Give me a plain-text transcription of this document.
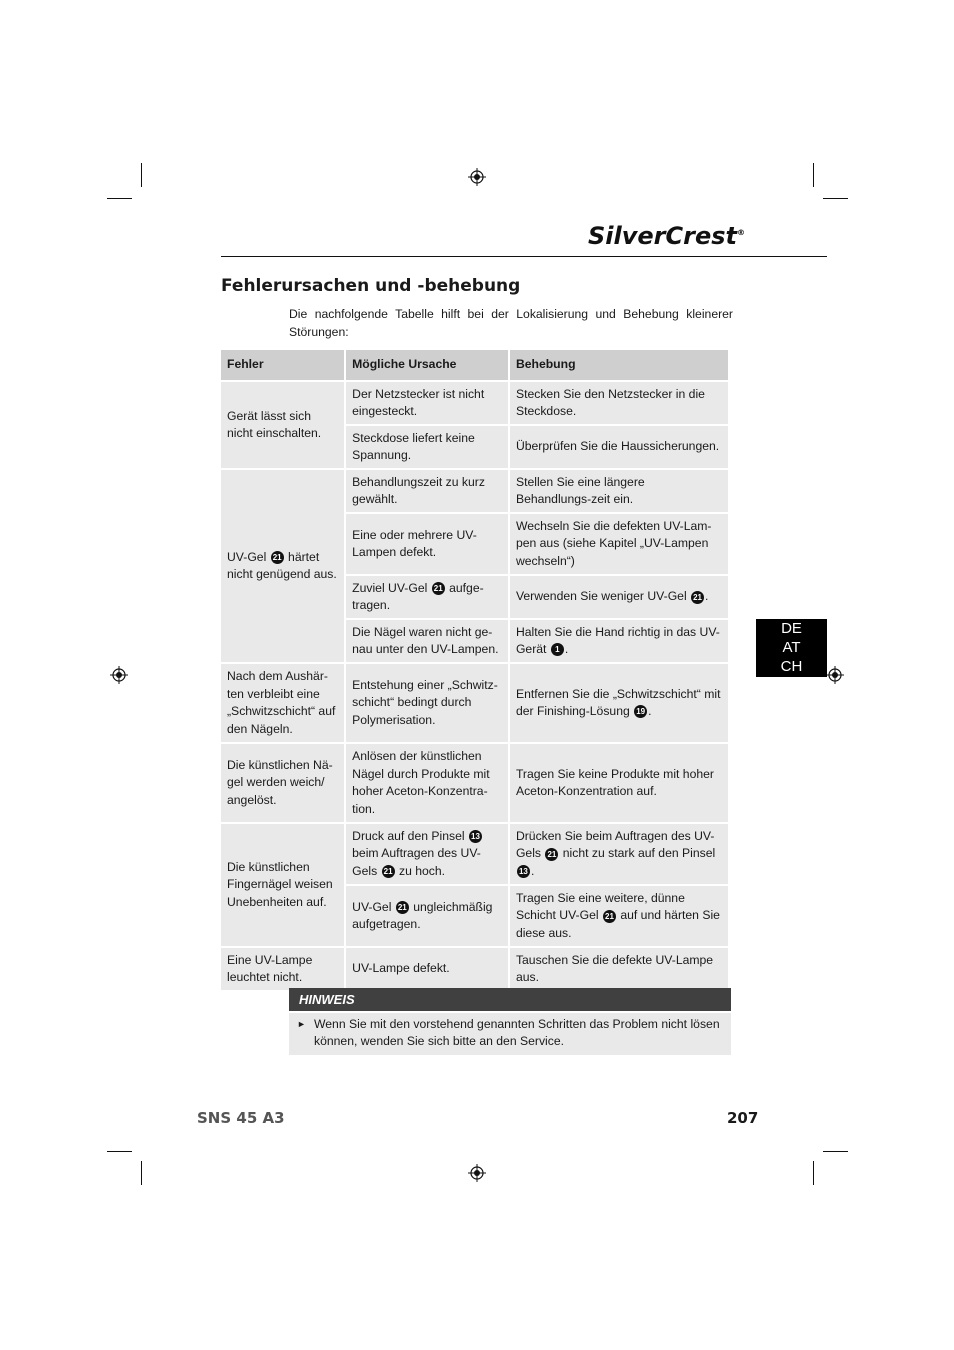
SilverCrest®
Fehlerursachen und -behebung

Die nachfolgende Tabelle hilft bei der Lokalisierung und Behebung kleinerer Störungen:

Fehler	Mögliche Ursache	Behebung
Gerät lässt sich nicht einschalten.	Der Netzstecker ist nicht eingesteckt.	Stecken Sie den Netzstecker in die Steckdose.
	Steckdose liefert keine Spannung.	Überprüfen Sie die Haussicherungen.
UV-Gel 21 härtet nicht genügend aus.	Behandlungszeit zu kurz gewählt.	Stellen Sie eine längere Behandlungs-zeit ein.
	Eine oder mehrere UV-Lampen defekt.	Wechseln Sie die defekten UV-Lam-pen aus (siehe Kapitel „UV-Lampen wechseln“)
	Zuviel UV-Gel 21 aufge-tragen.	Verwenden Sie weniger UV-Gel 21 .
	Die Nägel waren nicht ge-nau unter den UV-Lampen.	Halten Sie die Hand richtig in das UV-Gerät 1 .
Nach dem Aushär-ten verbleibt eine „Schwitzschicht“ auf den Nägeln.	Entstehung einer „Schwitz-schicht“ bedingt durch Polymerisation.	Entfernen Sie die „Schwitzschicht“ mit der Finishing-Lösung 19 .
Die künstlichen Nä-gel werden weich/ angelöst.	Anlösen der künstlichen Nägel durch Produkte mit hoher Aceton-Konzentra-tion.	Tragen Sie keine Produkte mit hoher Aceton-Konzentration auf.
Die künstlichen Fingernägel weisen Unebenheiten auf.	Druck auf den Pinsel 13 beim Auftragen des UV-Gels 21 zu hoch.	Drücken Sie beim Auftragen des UV-Gels 21 nicht zu stark auf den Pinsel 13 .
	UV-Gel 21 ungleichmäßig aufgetragen.	Tragen Sie eine weitere, dünne Schicht UV-Gel 21 auf und härten Sie diese aus.
Eine UV-Lampe leuchtet nicht.	UV-Lampe defekt.	Tauschen Sie die defekte UV-Lampe aus.
DE
AT
CH
HINWEIS
► Wenn Sie mit den vorstehend genannten Schritten das Problem nicht lösen können, wenden Sie sich bitte an den Service.
SNS 45 A3	207
